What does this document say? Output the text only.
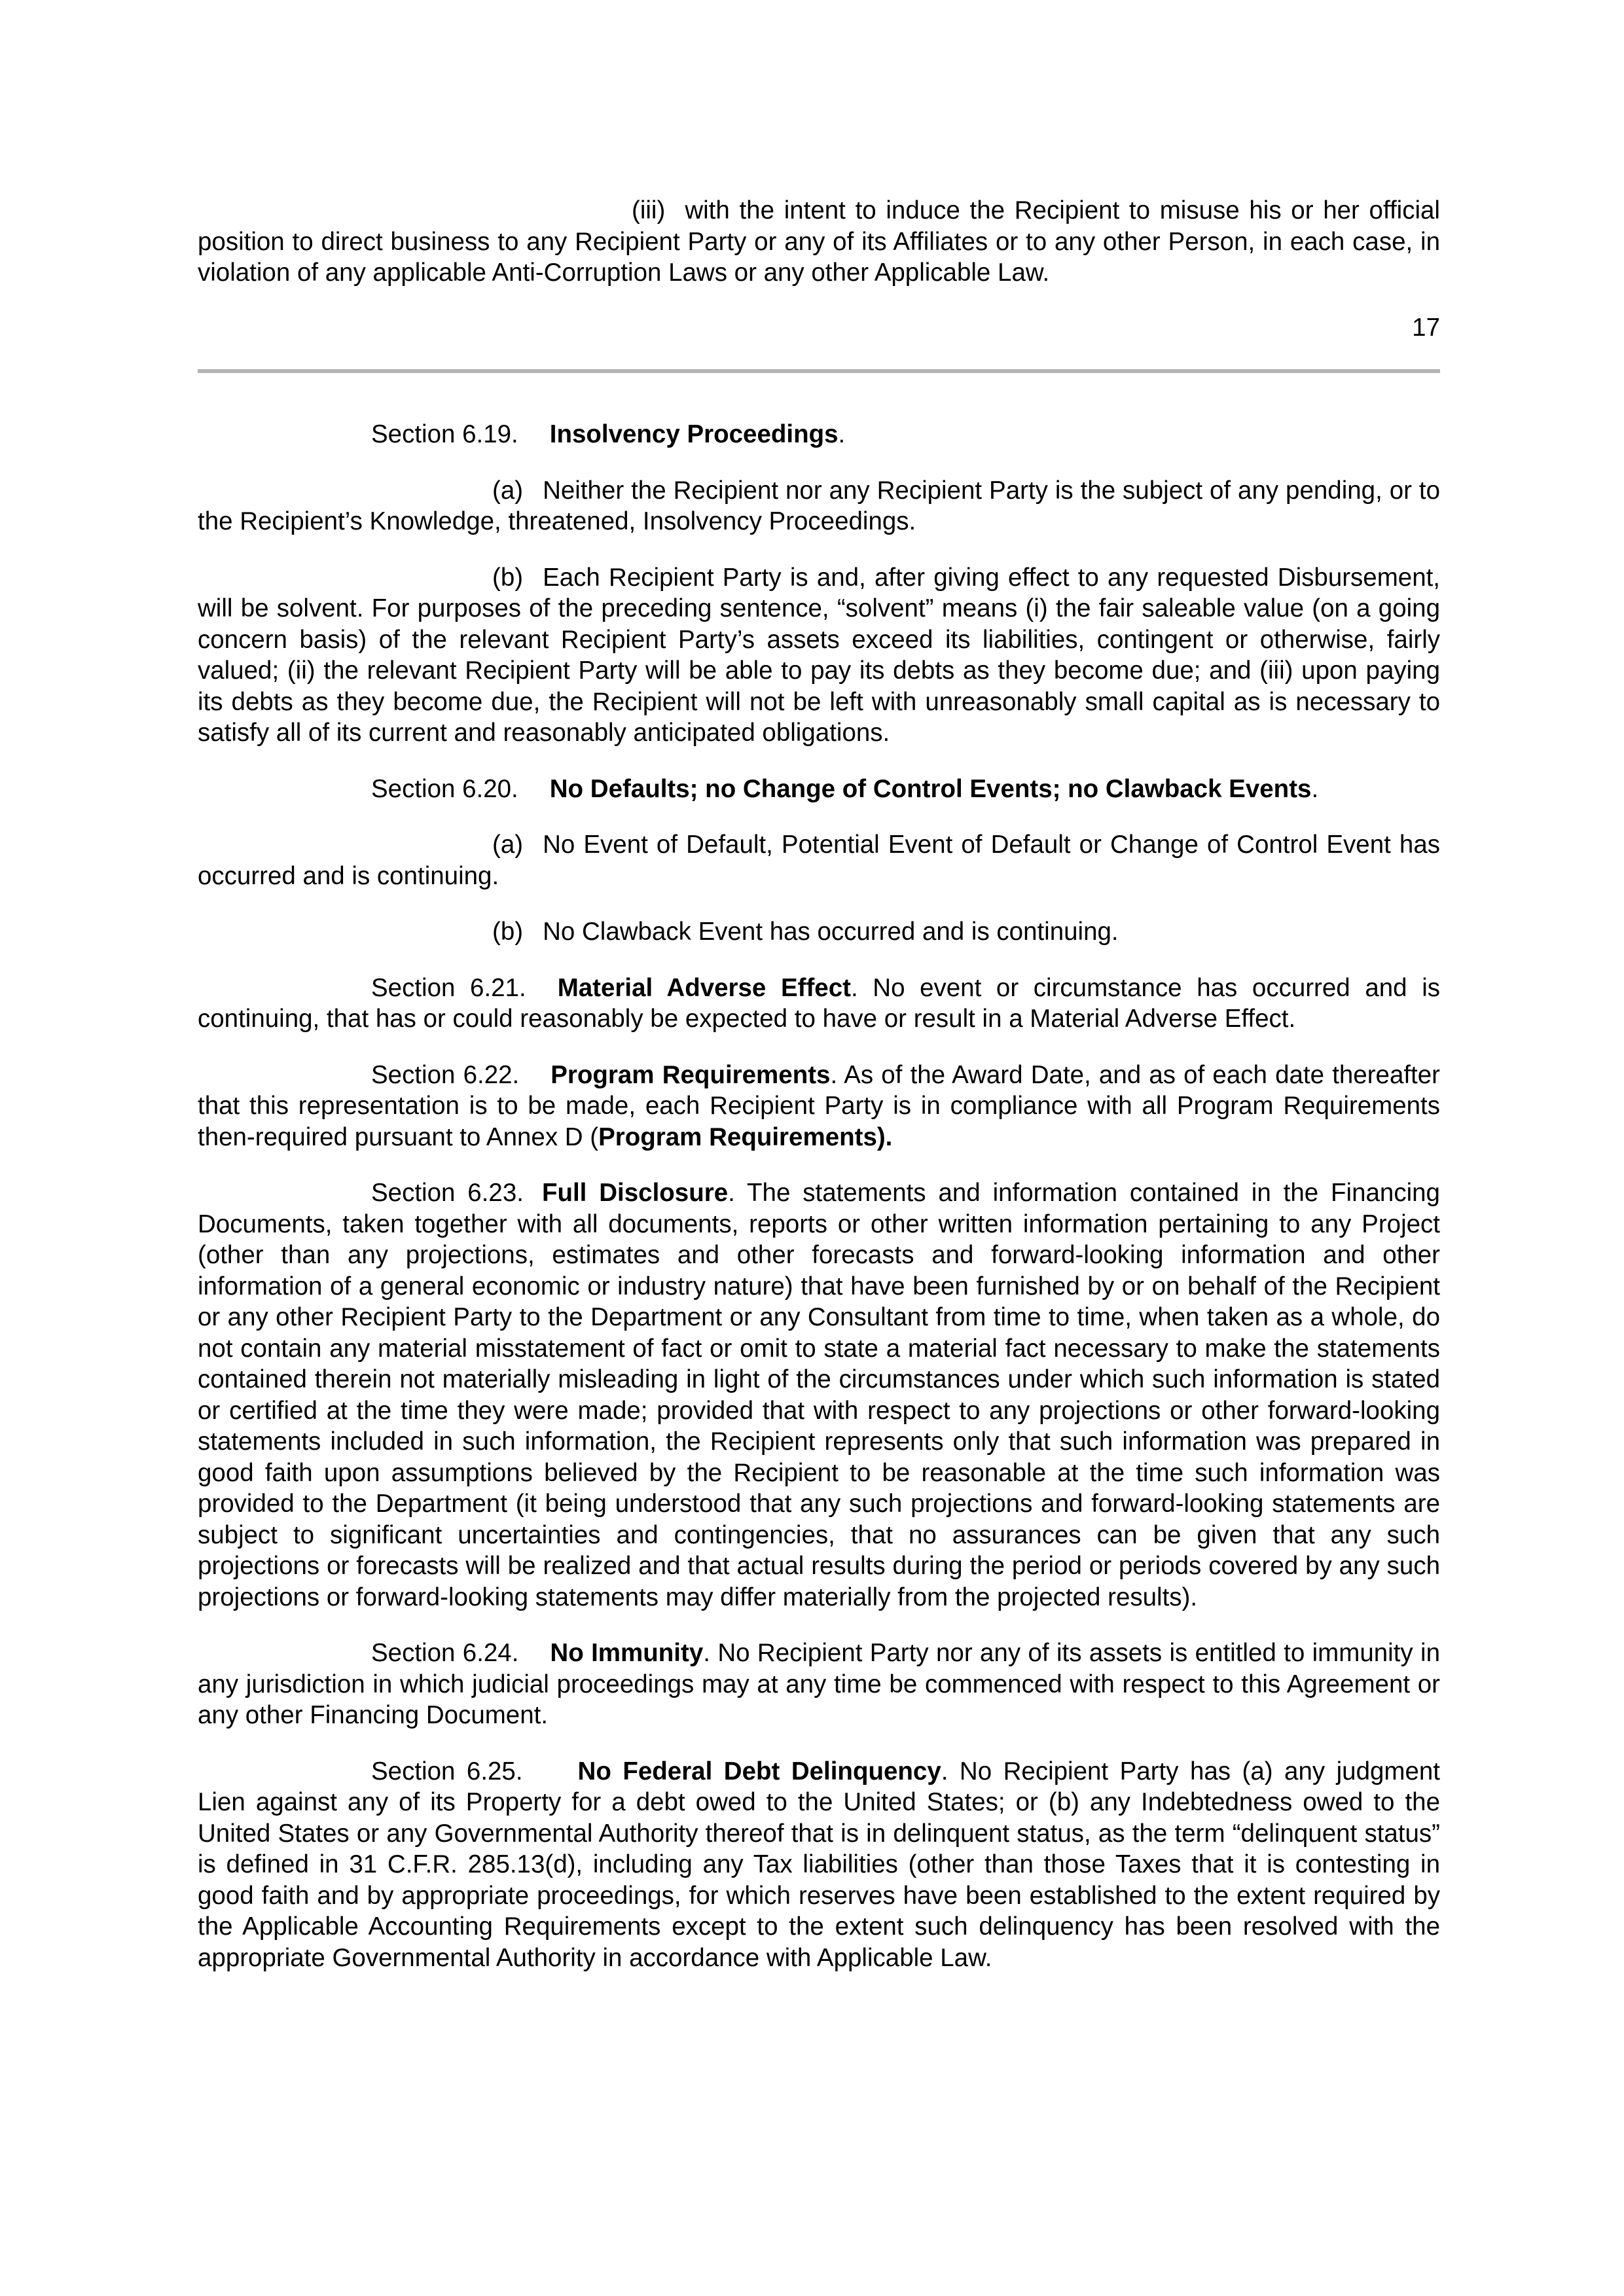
(iii) with the intent to induce the Recipient to misuse his or her official position to direct business to any Recipient Party or any of its Affiliates or to any other Person, in each case, in violation of any applicable Anti-Corruption Laws or any other Applicable Law.

17

Section 6.19. Insolvency Proceedings.

(a) Neither the Recipient nor any Recipient Party is the subject of any pending, or to the Recipient’s Knowledge, threatened, Insolvency Proceedings.

(b) Each Recipient Party is and, after giving effect to any requested Disbursement, will be solvent. For purposes of the preceding sentence, “solvent” means (i) the fair saleable value (on a going concern basis) of the relevant Recipient Party’s assets exceed its liabilities, contingent or otherwise, fairly valued; (ii) the relevant Recipient Party will be able to pay its debts as they become due; and (iii) upon paying its debts as they become due, the Recipient will not be left with unreasonably small capital as is necessary to satisfy all of its current and reasonably anticipated obligations.

Section 6.20. No Defaults; no Change of Control Events; no Clawback Events.

(a) No Event of Default, Potential Event of Default or Change of Control Event has occurred and is continuing.

(b) No Clawback Event has occurred and is continuing.

Section 6.21. Material Adverse Effect. No event or circumstance has occurred and is continuing, that has or could reasonably be expected to have or result in a Material Adverse Effect.

Section 6.22. Program Requirements. As of the Award Date, and as of each date thereafter that this representation is to be made, each Recipient Party is in compliance with all Program Requirements then-required pursuant to Annex D (Program Requirements).

Section 6.23. Full Disclosure. The statements and information contained in the Financing Documents, taken together with all documents, reports or other written information pertaining to any Project (other than any projections, estimates and other forecasts and forward-looking information and other information of a general economic or industry nature) that have been furnished by or on behalf of the Recipient or any other Recipient Party to the Department or any Consultant from time to time, when taken as a whole, do not contain any material misstatement of fact or omit to state a material fact necessary to make the statements contained therein not materially misleading in light of the circumstances under which such information is stated or certified at the time they were made; provided that with respect to any projections or other forward-looking statements included in such information, the Recipient represents only that such information was prepared in good faith upon assumptions believed by the Recipient to be reasonable at the time such information was provided to the Department (it being understood that any such projections and forward-looking statements are subject to significant uncertainties and contingencies, that no assurances can be given that any such projections or forecasts will be realized and that actual results during the period or periods covered by any such projections or forward-looking statements may differ materially from the projected results).

Section 6.24. No Immunity. No Recipient Party nor any of its assets is entitled to immunity in any jurisdiction in which judicial proceedings may at any time be commenced with respect to this Agreement or any other Financing Document.

Section 6.25. No Federal Debt Delinquency. No Recipient Party has (a) any judgment Lien against any of its Property for a debt owed to the United States; or (b) any Indebtedness owed to the United States or any Governmental Authority thereof that is in delinquent status, as the term “delinquent status” is defined in 31 C.F.R. 285.13(d), including any Tax liabilities (other than those Taxes that it is contesting in good faith and by appropriate proceedings, for which reserves have been established to the extent required by the Applicable Accounting Requirements except to the extent such delinquency has been resolved with the appropriate Governmental Authority in accordance with Applicable Law.
